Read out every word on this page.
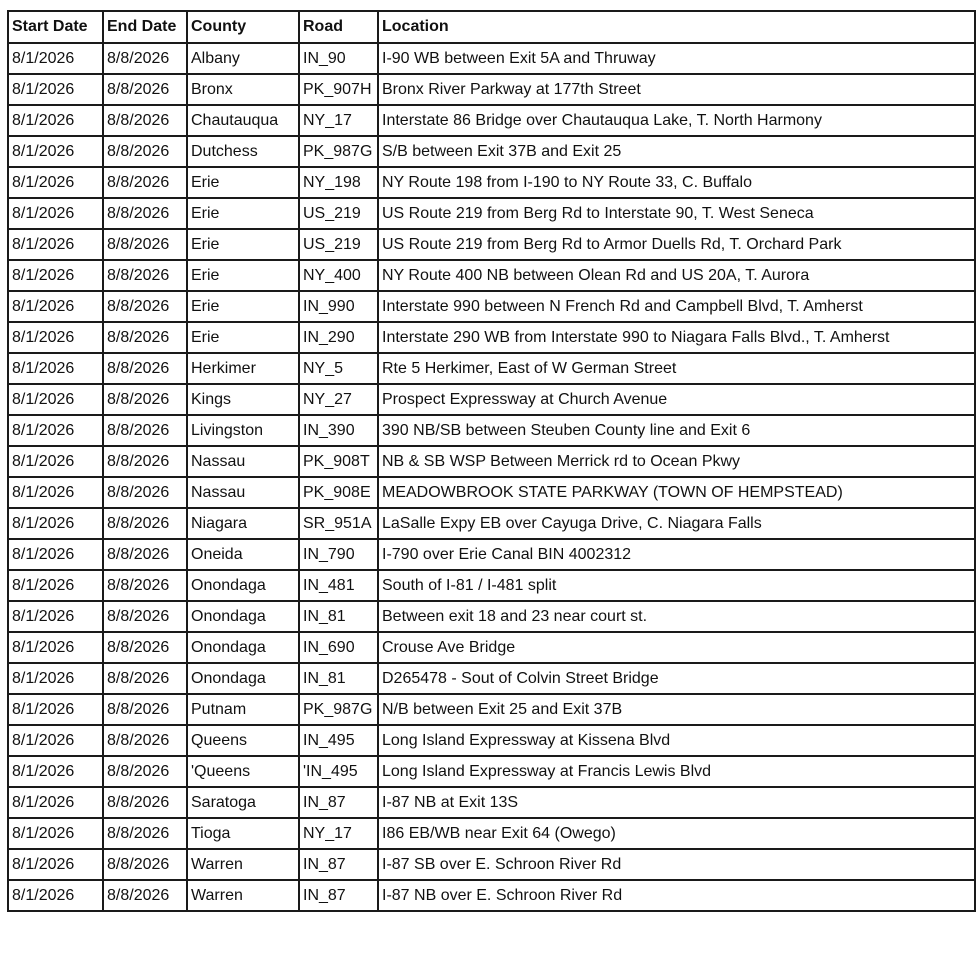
Start Date	End Date	County	Road	Location
8/1/2026	8/8/2026	Albany	IN_90	I-90 WB between Exit 5A and Thruway
8/1/2026	8/8/2026	Bronx	PK_907H	Bronx River Parkway at 177th Street
8/1/2026	8/8/2026	Chautauqua	NY_17	Interstate 86 Bridge over Chautauqua Lake, T. North Harmony
8/1/2026	8/8/2026	Dutchess	PK_987G	S/B between Exit 37B and Exit 25
8/1/2026	8/8/2026	Erie	NY_198	NY Route 198 from I-190 to NY Route 33, C. Buffalo
8/1/2026	8/8/2026	Erie	US_219	US Route 219 from Berg Rd to Interstate 90, T. West Seneca
8/1/2026	8/8/2026	Erie	US_219	US Route 219 from Berg Rd to Armor Duells Rd, T. Orchard Park
8/1/2026	8/8/2026	Erie	NY_400	NY Route 400 NB between Olean Rd and US 20A, T. Aurora
8/1/2026	8/8/2026	Erie	IN_990	Interstate 990 between N French Rd and Campbell Blvd, T. Amherst
8/1/2026	8/8/2026	Erie	IN_290	Interstate 290 WB from Interstate 990 to Niagara Falls Blvd., T. Amherst
8/1/2026	8/8/2026	Herkimer	NY_5	Rte 5 Herkimer, East of W German Street
8/1/2026	8/8/2026	Kings	NY_27	Prospect Expressway at Church Avenue
8/1/2026	8/8/2026	Livingston	IN_390	390 NB/SB between Steuben County line and Exit 6
8/1/2026	8/8/2026	Nassau	PK_908T	NB & SB WSP Between Merrick rd to Ocean Pkwy
8/1/2026	8/8/2026	Nassau	PK_908E	MEADOWBROOK STATE PARKWAY (TOWN OF HEMPSTEAD)
8/1/2026	8/8/2026	Niagara	SR_951A	LaSalle Expy EB over Cayuga Drive, C. Niagara Falls
8/1/2026	8/8/2026	Oneida	IN_790	I-790 over Erie Canal BIN 4002312
8/1/2026	8/8/2026	Onondaga	IN_481	South of I-81 / I-481 split
8/1/2026	8/8/2026	Onondaga	IN_81	Between exit 18 and 23 near court st.
8/1/2026	8/8/2026	Onondaga	IN_690	Crouse Ave Bridge
8/1/2026	8/8/2026	Onondaga	IN_81	D265478 - Sout of Colvin Street Bridge
8/1/2026	8/8/2026	Putnam	PK_987G	N/B between Exit 25 and Exit 37B
8/1/2026	8/8/2026	Queens	IN_495	Long Island Expressway at Kissena Blvd
8/1/2026	8/8/2026	'Queens	'IN_495	Long Island Expressway at Francis Lewis Blvd
8/1/2026	8/8/2026	Saratoga	IN_87	I-87 NB at Exit 13S
8/1/2026	8/8/2026	Tioga	NY_17	I86 EB/WB near Exit 64 (Owego)
8/1/2026	8/8/2026	Warren	IN_87	I-87 SB over E. Schroon River Rd
8/1/2026	8/8/2026	Warren	IN_87	I-87 NB over E. Schroon River Rd
